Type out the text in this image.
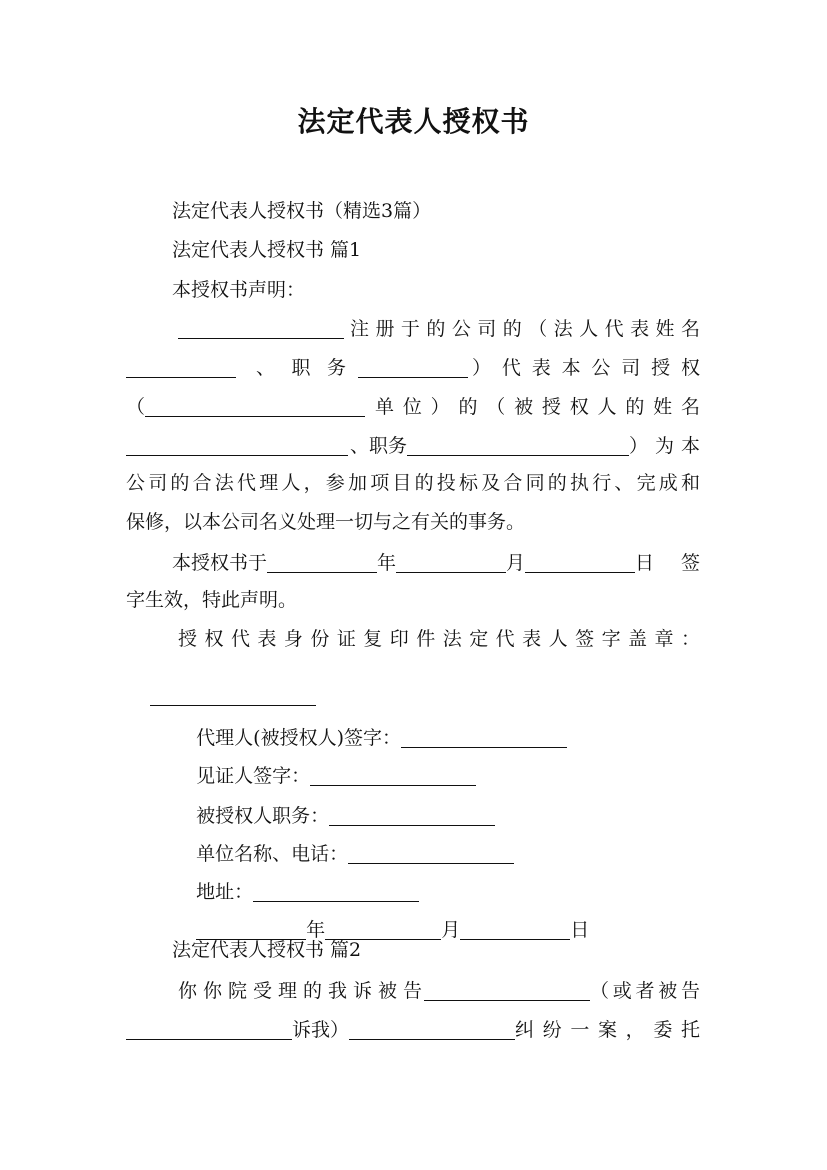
法定代表人授权书
法定代表人授权书（精选3篇）
法定代表人授权书 篇1
本授权书声明：
注册于的公司的（法人代表姓名
、 职 务	）代表本公司授权
（	单位）的（被授权人的姓名
、职务	）为本
公司的合法代理人，参加项目的投标及合同的执行、完成和
保修，以本公司名义处理一切与之有关的事务。
本授权书于	年	月	日签
字生效，特此声明。
授权代表身份证复印件法定代表人签字盖章：

代理人(被授权人)签字：

见证人签字：

被授权人职务：

单位名称、电话：

地址：

年	月	日

法定代表人授权书 篇2
你你院受理的我诉被告	（或者被告
诉我）	纠纷一案，委托
